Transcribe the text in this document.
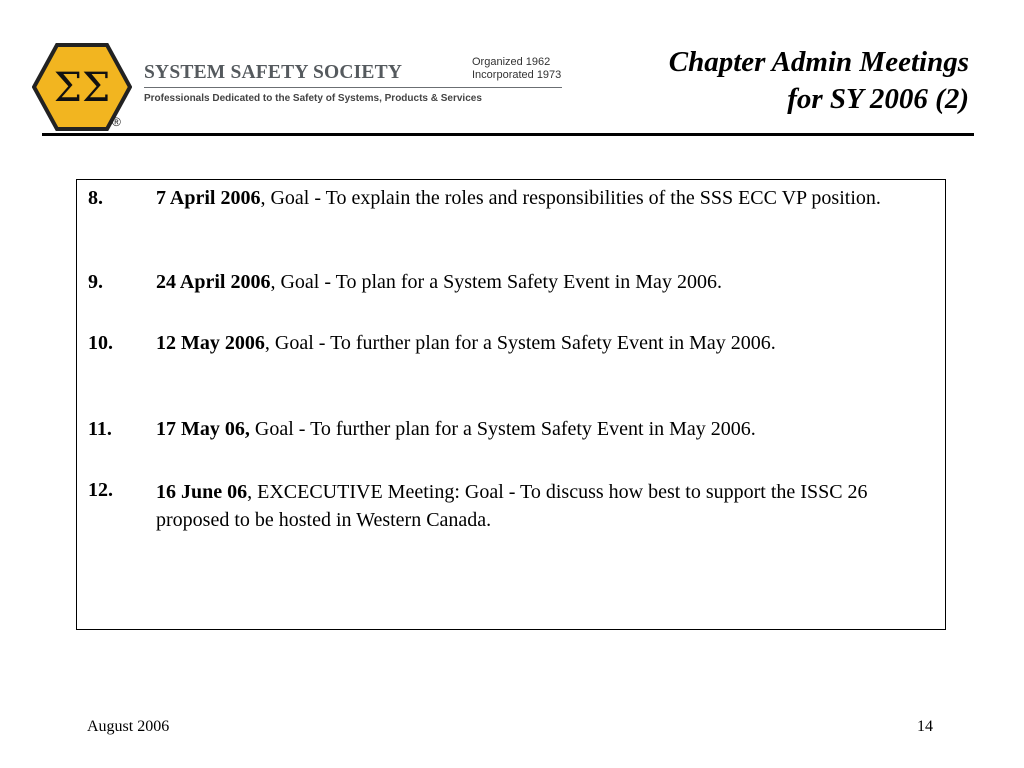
ΣΣ
®
SYSTEM SAFETY SOCIETY	Organized 1962
Incorporated 1973
Professionals Dedicated to the Safety of Systems, Products & Services
Chapter Admin Meetings
for SY 2006 (2)
8.	7 April 2006, Goal - To explain the roles and responsibilities of the SSS ECC VP position.
9.	24 April 2006, Goal - To plan for a System Safety Event in May 2006.
10. 12 May 2006, Goal - To further plan for a System Safety Event in May 2006.
11. 17 May 06, Goal - To further plan for a System Safety Event in May 2006.
12. 16 June 06, EXCECUTIVE Meeting: Goal - To discuss how best to support the ISSC 26 proposed to be hosted in Western Canada.
August 2006	14
